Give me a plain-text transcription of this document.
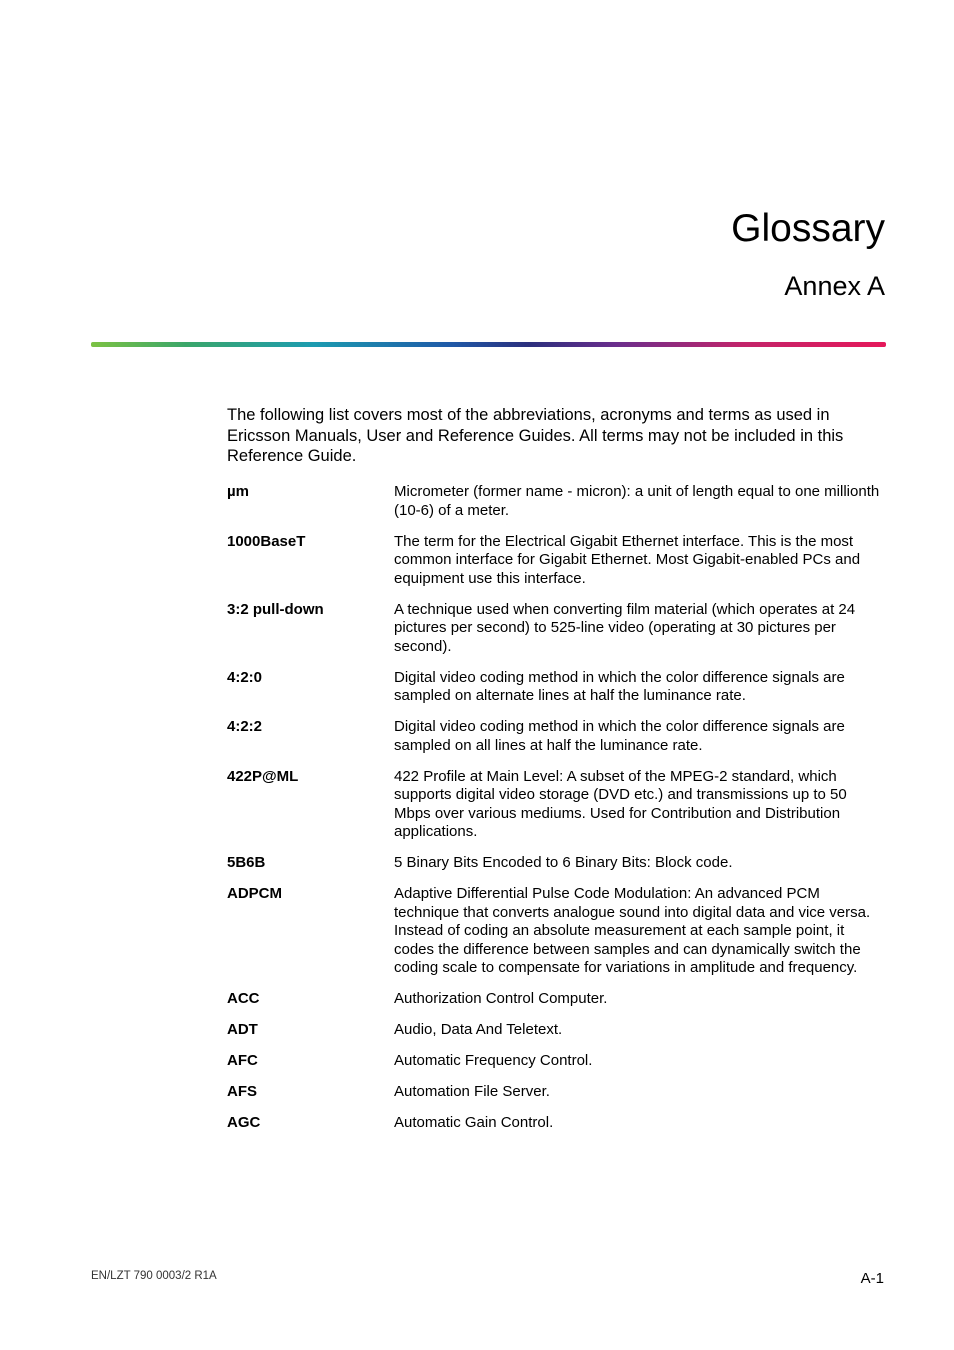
Glossary
Annex A

The following list covers most of the abbreviations, acronyms and terms as used in Ericsson Manuals, User and Reference Guides. All terms may not be included in this Reference Guide.

µm	Micrometer (former name - micron): a unit of length equal to one millionth (10-6) of a meter.
1000BaseT	The term for the Electrical Gigabit Ethernet interface. This is the most common interface for Gigabit Ethernet. Most Gigabit-enabled PCs and equipment use this interface.
3:2 pull-down	A technique used when converting film material (which operates at 24 pictures per second) to 525-line video (operating at 30 pictures per second).
4:2:0	Digital video coding method in which the color difference signals are sampled on alternate lines at half the luminance rate.
4:2:2	Digital video coding method in which the color difference signals are sampled on all lines at half the luminance rate.
422P@ML	422 Profile at Main Level: A subset of the MPEG-2 standard, which supports digital video storage (DVD etc.) and transmissions up to 50 Mbps over various mediums. Used for Contribution and Distribution applications.
5B6B	5 Binary Bits Encoded to 6 Binary Bits: Block code.
ADPCM	Adaptive Differential Pulse Code Modulation: An advanced PCM technique that converts analogue sound into digital data and vice versa. Instead of coding an absolute measurement at each sample point, it codes the difference between samples and can dynamically switch the coding scale to compensate for variations in amplitude and frequency.
ACC	Authorization Control Computer.
ADT	Audio, Data And Teletext.
AFC	Automatic Frequency Control.
AFS	Automation File Server.
AGC	Automatic Gain Control.
EN/LZT 790 0003/2 R1A	A-1
